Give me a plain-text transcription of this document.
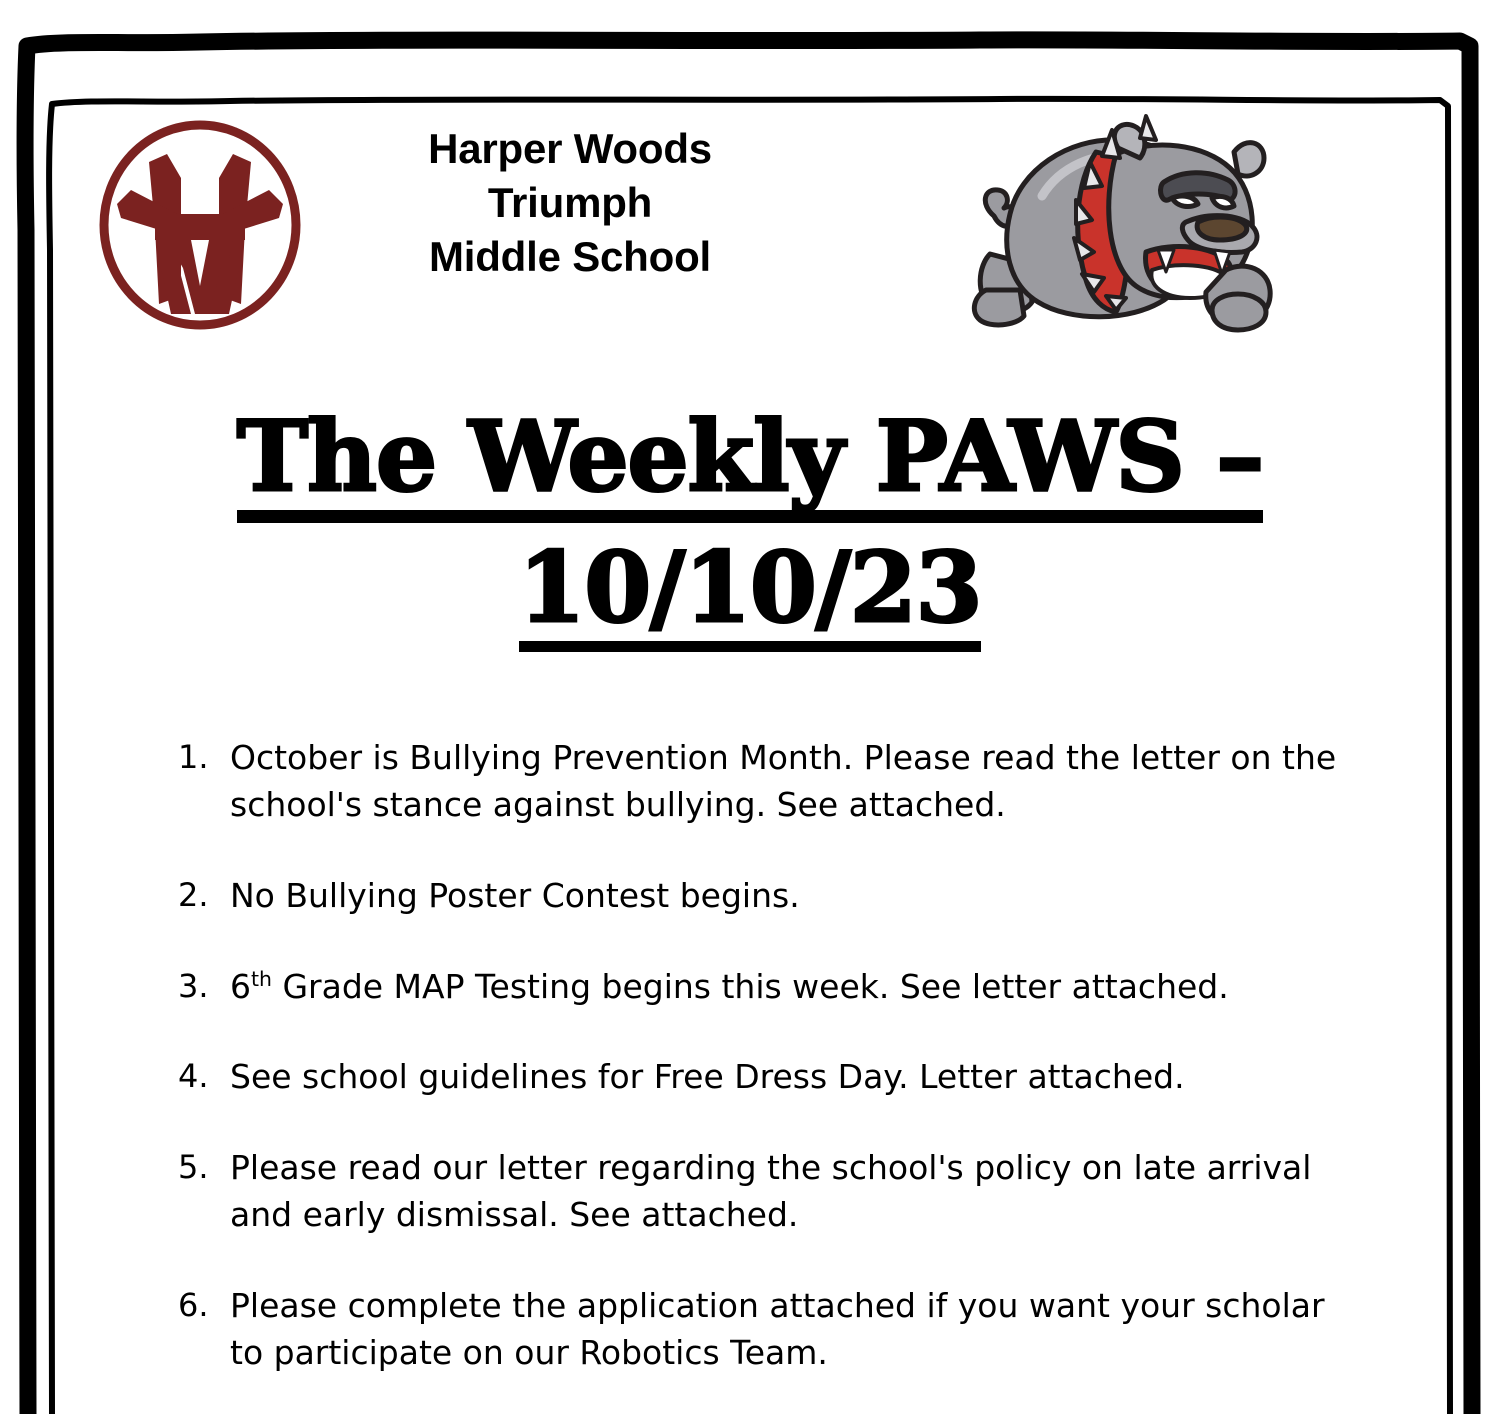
Harper Woods
Triumph
Middle School
The Weekly PAWS –
10/10/23
1. October is Bullying Prevention Month. Please read the letter on the school's stance against bullying. See attached.
2. No Bullying Poster Contest begins.
3. 6th Grade MAP Testing begins this week. See letter attached.
4. See school guidelines for Free Dress Day. Letter attached.
5. Please read our letter regarding the school's policy on late arrival and early dismissal. See attached.
6. Please complete the application attached if you want your scholar to participate on our Robotics Team.
